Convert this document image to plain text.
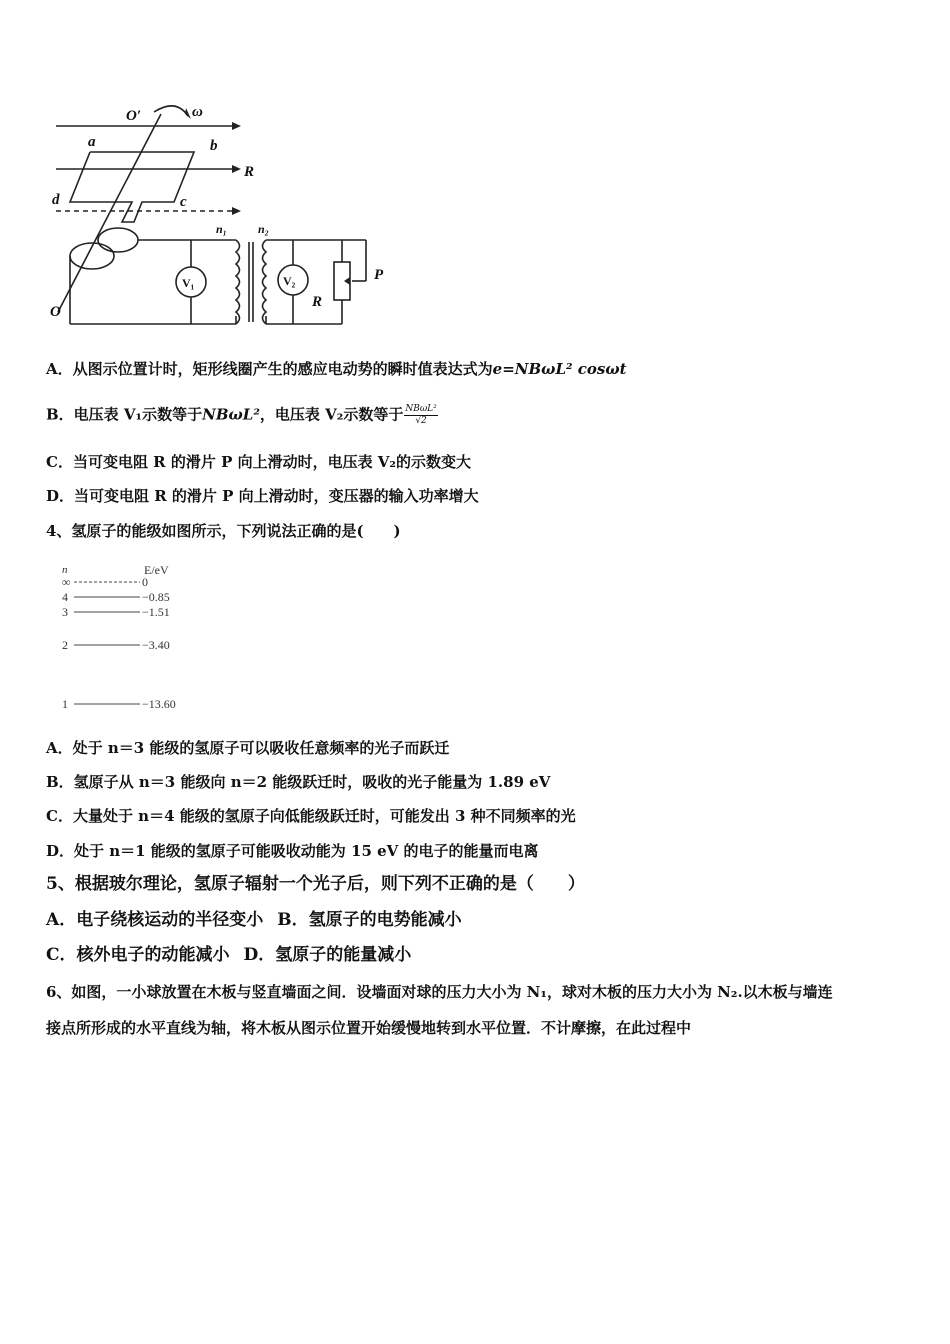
O′	ω
a	b
R
d	c
n₁	n₂
V₁	V₂
R
P
O
A．从图示位置计时，矩形线圈产生的感应电动势的瞬时值表达式为e=NBωL² cosωt
B．电压表 V₁示数等于NBωL²，电压表 V₂示数等于 $\frac{\text{NBωL²}}{√2}$
C．当可变电阻 R 的滑片 P 向上滑动时，电压表 V₂的示数变大
D．当可变电阻 R 的滑片 P 向上滑动时，变压器的输入功率增大
4、氢原子的能级如图所示，下列说法正确的是(　　)
n	E/eV
∞	0
4	−0.85
3	−1.51
2	−3.40
1	−13.60
A．处于 n＝3 能级的氢原子可以吸收任意频率的光子而跃迁
B．氢原子从 n＝3 能级向 n＝2 能级跃迁时，吸收的光子能量为 1.89 eV
C．大量处于 n＝4 能级的氢原子向低能级跃迁时，可能发出 3 种不同频率的光
D．处于 n＝1 能级的氢原子可能吸收动能为 15 eV 的电子的能量而电离
5、根据玻尔理论，氢原子辐射一个光子后，则下列不正确的是（　　）
A．电子绕核运动的半径变小 B．氢原子的电势能减小
C．核外电子的动能减小 D．氢原子的能量减小
6、如图，一小球放置在木板与竖直墙面之间．设墙面对球的压力大小为 N₁，球对木板的压力大小为 N₂.以木板与墙连
接点所形成的水平直线为轴，将木板从图示位置开始缓慢地转到水平位置．不计摩擦，在此过程中
